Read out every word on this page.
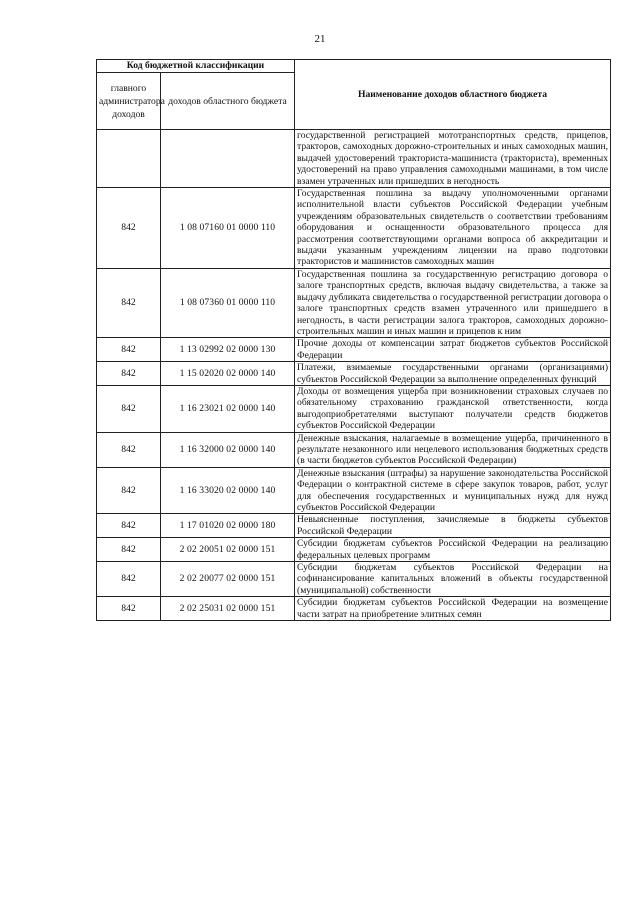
21
Код бюджетной классификации		Наименование доходов областного бюджета
главного администратора доходов	доходов областного бюджета	
		государственной регистрацией мототранспортных средств, прицепов, тракторов, самоходных дорожно-строительных и иных самоходных машин, выдачей удостоверений тракториста-машиниста (тракториста), временных удостоверений на право управления самоходными машинами, в том числе взамен утраченных или пришедших в негодность
842	1 08 07160 01 0000 110	Государственная пошлина за выдачу уполномоченными органами исполнительной власти субъектов Российской Федерации учебным учреждениям образовательных свидетельств о соответствии требованиям оборудования и оснащенности образовательного процесса для рассмотрения соответствующими органами вопроса об аккредитации и выдачи указанным учреждениям лицензии на право подготовки трактористов и машинистов самоходных машин
842	1 08 07360 01 0000 110	Государственная пошлина за государственную регистрацию договора о залоге транспортных средств, включая выдачу свидетельства, а также за выдачу дубликата свидетельства о государственной регистрации договора о залоге транспортных средств взамен утраченного или пришедшего в негодность, в части регистрации залога тракторов, самоходных дорожно-строительных машин и иных машин и прицепов к ним
842	1 13 02992 02 0000 130	Прочие доходы от компенсации затрат бюджетов субъектов Российской Федерации
842	1 15 02020 02 0000 140	Платежи, взимаемые государственными органами (организациями) субъектов Российской Федерации за выполнение определенных функций
842	1 16 23021 02 0000 140	Доходы от возмещения ущерба при возникновении страховых случаев по обязательному страхованию гражданской ответственности, когда выгодоприобретателями выступают получатели средств бюджетов субъектов Российской Федерации
842	1 16 32000 02 0000 140	Денежные взыскания, налагаемые в возмещение ущерба, причиненного в результате незаконного или нецелевого использования бюджетных средств (в части бюджетов субъектов Российской Федерации)
842	1 16 33020 02 0000 140	Денежные взыскания (штрафы) за нарушение законодательства Российской Федерации о контрактной системе в сфере закупок товаров, работ, услуг для обеспечения государственных и муниципальных нужд для нужд субъектов Российской Федерации
842	1 17 01020 02 0000 180	Невыясненные поступления, зачисляемые в бюджеты субъектов Российской Федерации
842	2 02 20051 02 0000 151	Субсидии бюджетам субъектов Российской Федерации на реализацию федеральных целевых программ
842	2 02 20077 02 0000 151	Субсидии бюджетам субъектов Российской Федерации на софинансирование капитальных вложений в объекты государственной (муниципальной) собственности
842	2 02 25031 02 0000 151	Субсидии бюджетам субъектов Российской Федерации на возмещение части затрат на приобретение элитных семян
